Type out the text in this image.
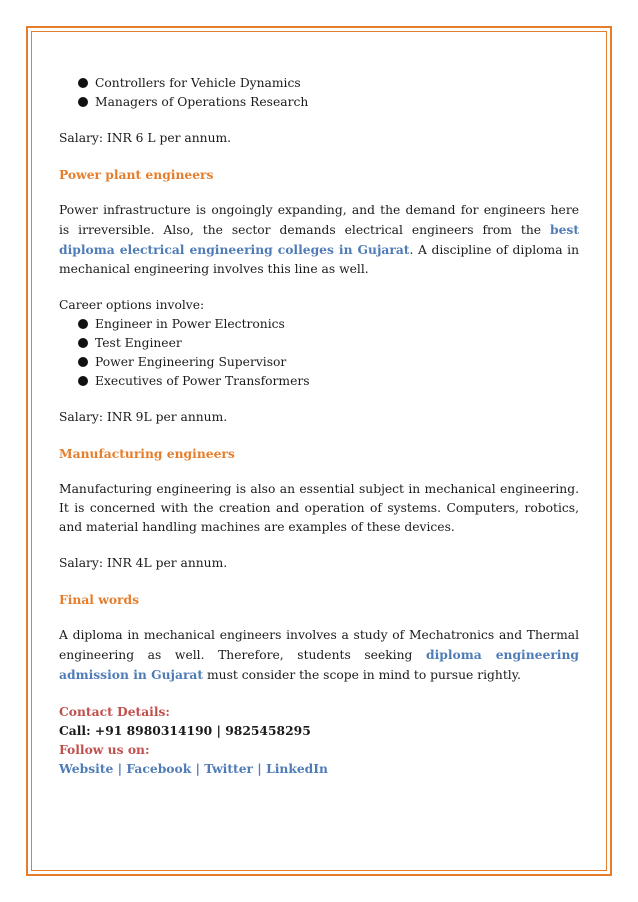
Controllers for Vehicle Dynamics
Managers of Operations Research

Salary: INR 6 L per annum.

Power plant engineers

Power infrastructure is ongoingly expanding, and the demand for engineers here is irreversible. Also, the sector demands electrical engineers from the best diploma electrical engineering colleges in Gujarat. A discipline of diploma in mechanical engineering involves this line as well.

Career options involve:

Engineer in Power Electronics
Test Engineer
Power Engineering Supervisor
Executives of Power Transformers

Salary: INR 9L per annum.

Manufacturing engineers

Manufacturing engineering is also an essential subject in mechanical engineering. It is concerned with the creation and operation of systems. Computers, robotics, and material handling machines are examples of these devices.

Salary: INR 4L per annum.

Final words

A diploma in mechanical engineers involves a study of Mechatronics and Thermal engineering as well. Therefore, students seeking diploma engineering admission in Gujarat must consider the scope in mind to pursue rightly.

Contact Details:

Call: +91 8980314190 | 9825458295

Follow us on:

Website | Facebook | Twitter | LinkedIn
